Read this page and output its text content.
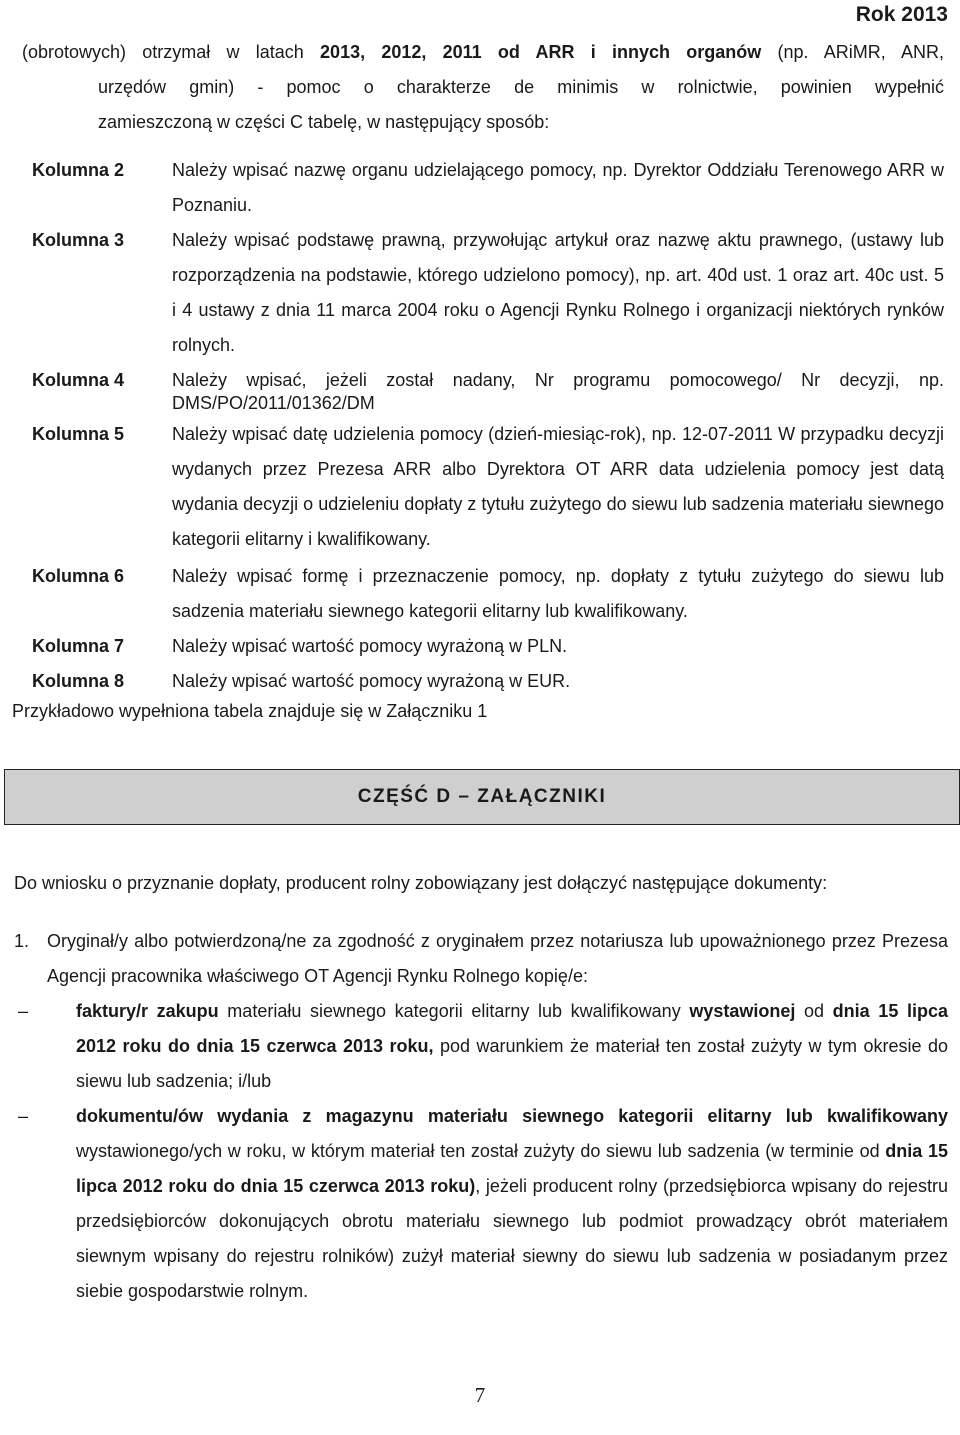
Rok 2013
(obrotowych) otrzymał w latach 2013, 2012, 2011 od ARR i innych organów (np. ARiMR, ANR,
urzędów gmin) - pomoc o charakterze de minimis w rolnictwie, powinien wypełnić
zamieszczoną w części C tabelę, w następujący sposób:
Kolumna 2	Należy wpisać nazwę organu udzielającego pomocy, np. Dyrektor Oddziału Terenowego ARR w Poznaniu.
Kolumna 3	Należy wpisać podstawę prawną, przywołując artykuł oraz nazwę aktu prawnego, (ustawy lub rozporządzenia na podstawie, którego udzielono pomocy), np. art. 40d ust. 1 oraz art. 40c ust. 5 i 4 ustawy z dnia 11 marca 2004 roku o Agencji Rynku Rolnego i organizacji niektórych rynków rolnych.
Kolumna 4	Należy wpisać, jeżeli został nadany, Nr programu pomocowego/ Nr decyzji, np. DMS/PO/2011/01362/DM
Kolumna 5	Należy wpisać datę udzielenia pomocy (dzień-miesiąc-rok), np. 12-07-2011 W przypadku decyzji wydanych przez Prezesa ARR albo Dyrektora OT ARR data udzielenia pomocy jest datą wydania decyzji o udzieleniu dopłaty z tytułu zużytego do siewu lub sadzenia materiału siewnego kategorii elitarny i kwalifikowany.
Kolumna 6	Należy wpisać formę i przeznaczenie pomocy, np. dopłaty z tytułu zużytego do siewu lub sadzenia materiału siewnego kategorii elitarny lub kwalifikowany.
Kolumna 7	Należy wpisać wartość pomocy wyrażoną w PLN.
Kolumna 8	Należy wpisać wartość pomocy wyrażoną w EUR.
Przykładowo wypełniona tabela znajduje się w Załączniku 1
CZĘŚĆ D – ZAŁĄCZNIKI
Do wniosku o przyznanie dopłaty, producent rolny zobowiązany jest dołączyć następujące dokumenty:
1. Oryginał/y albo potwierdzoną/ne za zgodność z oryginałem przez notariusza lub upoważnionego przez Prezesa Agencji pracownika właściwego OT Agencji Rynku Rolnego kopię/e:
–	faktury/r zakupu materiału siewnego kategorii elitarny lub kwalifikowany wystawionej od dnia 15 lipca 2012 roku do dnia 15 czerwca 2013 roku, pod warunkiem że materiał ten został zużyty w tym okresie do siewu lub sadzenia; i/lub
–	dokumentu/ów wydania z magazynu materiału siewnego kategorii elitarny lub kwalifikowany wystawionego/ych w roku, w którym materiał ten został zużyty do siewu lub sadzenia (w terminie od dnia 15 lipca 2012 roku do dnia 15 czerwca 2013 roku), jeżeli producent rolny (przedsiębiorca wpisany do rejestru przedsiębiorców dokonujących obrotu materiału siewnego lub podmiot prowadzący obrót materiałem siewnym wpisany do rejestru rolników) zużył materiał siewny do siewu lub sadzenia w posiadanym przez siebie gospodarstwie rolnym.
7
